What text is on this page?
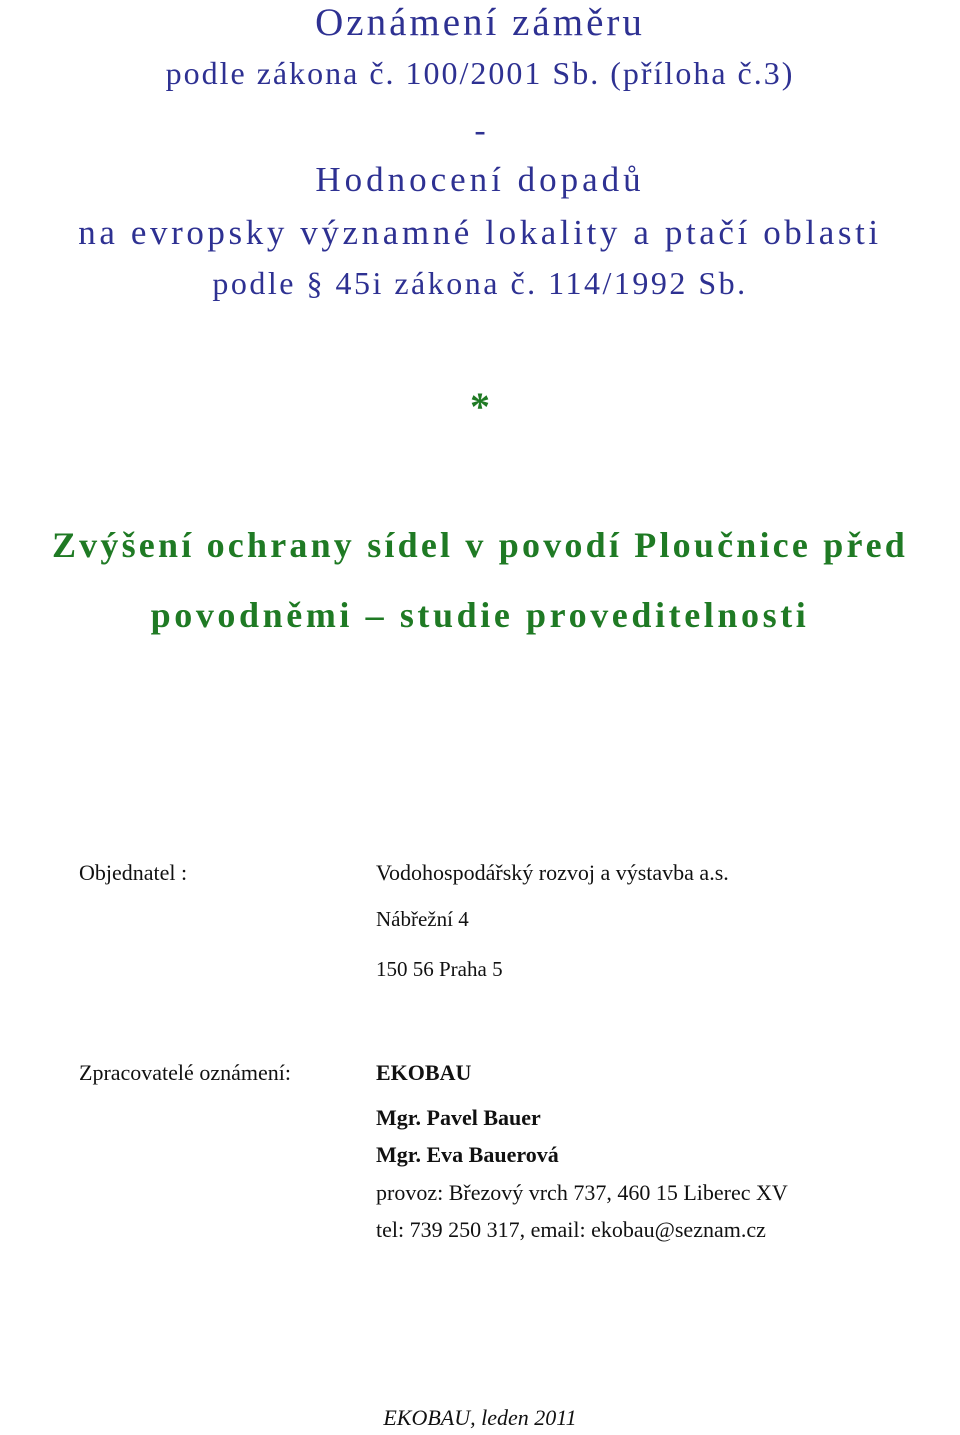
Oznámení záměru
podle zákona č. 100/2001 Sb. (příloha č.3)
-
Hodnocení dopadů
na evropsky významné lokality a ptačí oblasti
podle § 45i zákona č. 114/1992 Sb.
*
Zvýšení ochrany sídel v povodí Ploučnice před
povodněmi – studie proveditelnosti
Objednatel :	Vodohospodářský rozvoj a výstavba a.s.
Nábřežní 4
150 56 Praha 5
Zpracovatelé oznámení:	EKOBAU
Mgr. Pavel Bauer
Mgr. Eva Bauerová
provoz: Březový vrch 737, 460 15 Liberec XV
tel: 739 250 317, email: ekobau@seznam.cz
EKOBAU, leden 2011
